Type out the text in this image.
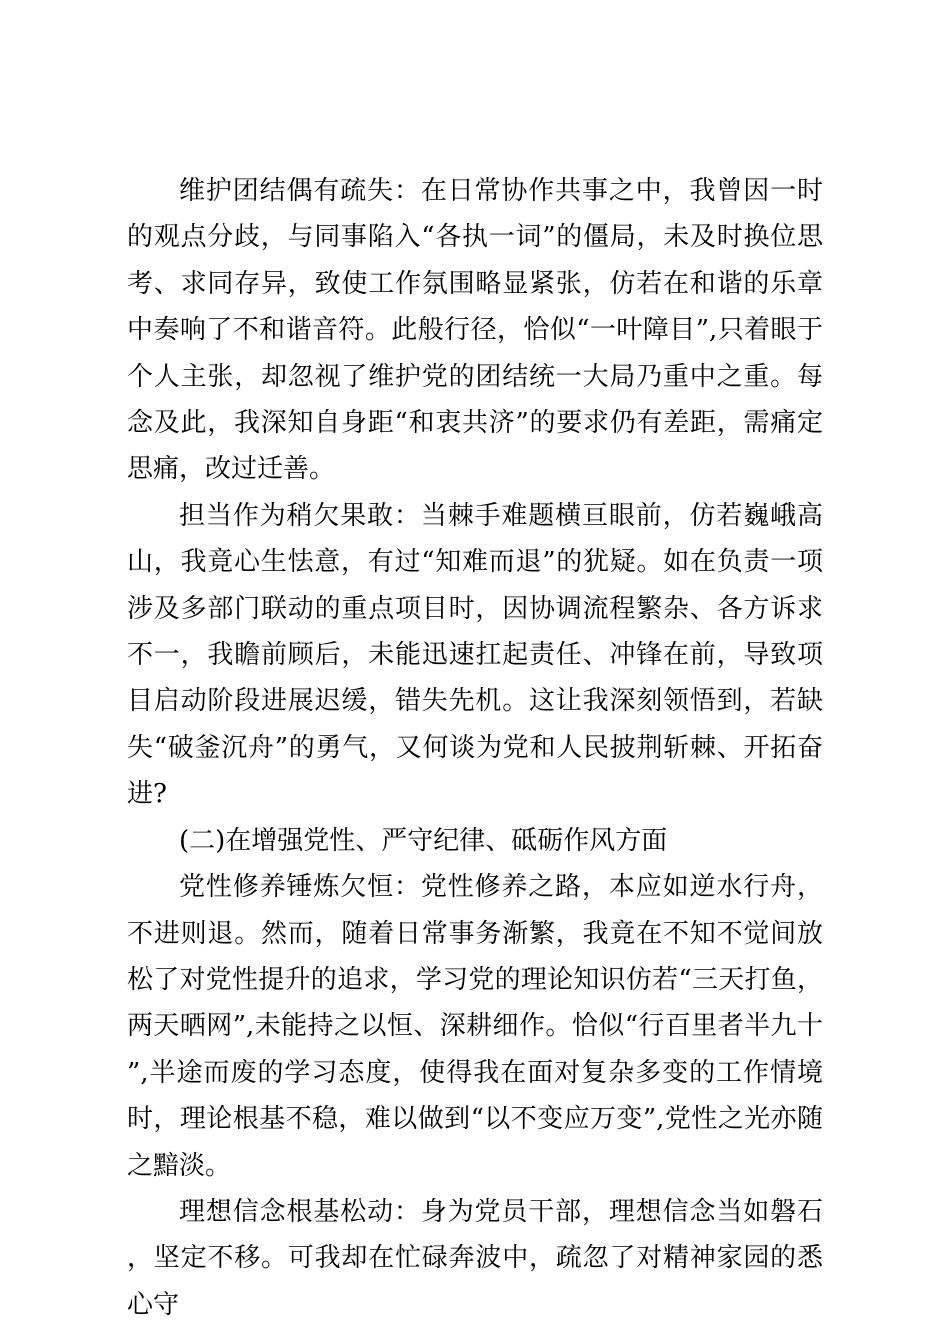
维护团结偶有疏失：在日常协作共事之中，我曾因一时的观点分歧，与同事陷入“各执一词”的僵局，未及时换位思考、求同存异，致使工作氛围略显紧张，仿若在和谐的乐章中奏响了不和谐音符。此般行径，恰似“一叶障目”,只着眼于个人主张，却忽视了维护党的团结统一大局乃重中之重。每念及此，我深知自身距“和衷共济”的要求仍有差距，需痛定思痛，改过迁善。

担当作为稍欠果敢：当棘手难题横亘眼前，仿若巍峨高山，我竟心生怯意，有过“知难而退”的犹疑。如在负责一项涉及多部门联动的重点项目时，因协调流程繁杂、各方诉求不一，我瞻前顾后，未能迅速扛起责任、冲锋在前，导致项目启动阶段进展迟缓，错失先机。这让我深刻领悟到，若缺失“破釜沉舟”的勇气，又何谈为党和人民披荆斩棘、开拓奋进?

(二)在增强党性、严守纪律、砥砺作风方面

党性修养锤炼欠恒：党性修养之路，本应如逆水行舟，不进则退。然而，随着日常事务渐繁，我竟在不知不觉间放松了对党性提升的追求，学习党的理论知识仿若“三天打鱼，两天晒网”,未能持之以恒、深耕细作。恰似“行百里者半九十”,半途而废的学习态度，使得我在面对复杂多变的工作情境时，理论根基不稳，难以做到“以不变应万变”,党性之光亦随之黯淡。

理想信念根基松动：身为党员干部，理想信念当如磐石，坚定不移。可我却在忙碌奔波中，疏忽了对精神家园的悉心守
